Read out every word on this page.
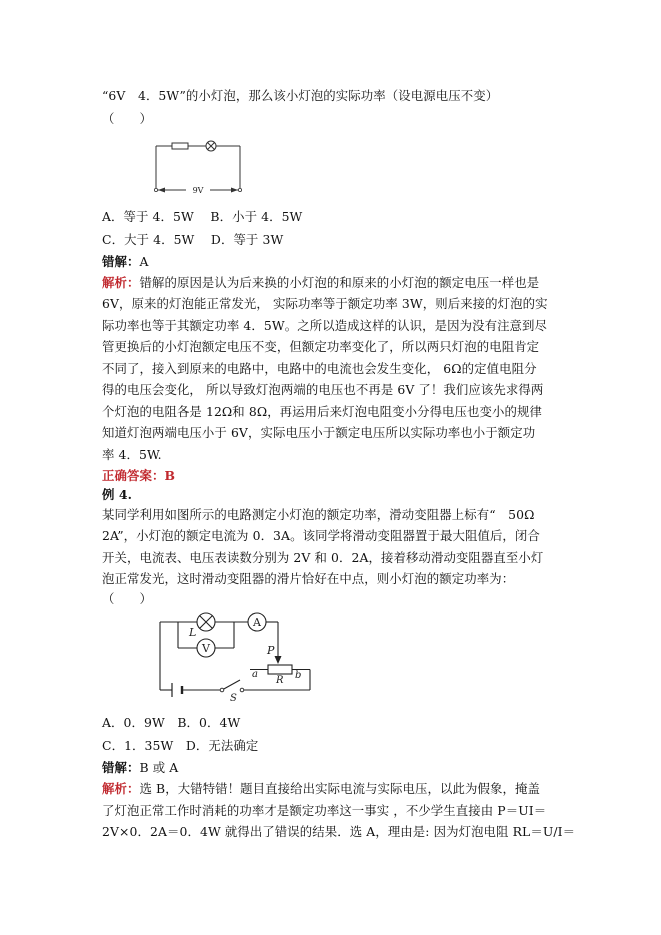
“6V　4．5W”的小灯泡，那么该小灯泡的实际功率（设电源电压不变）
（　　）
9V
A．等于 4．5W　 B．小于 4．5W
C．大于 4．5W　 D．等于 3W
错解：A
解析：错解的原因是认为后来换的小灯泡的和原来的小灯泡的额定电压一样也是
6V，原来的灯泡能正常发光， 实际功率等于额定功率 3W，则后来接的灯泡的实
际功率也等于其额定功率 4．5W。之所以造成这样的认识，是因为没有注意到尽
管更换后的小灯泡额定电压不变，但额定功率变化了，所以两只灯泡的电阻肯定
不同了，接入到原来的电路中，电路中的电流也会发生变化， 6Ω的定值电阻分
得的电压会变化， 所以导致灯泡两端的电压也不再是 6V 了！我们应该先求得两
个灯泡的电阻各是 12Ω和 8Ω，再运用后来灯泡电阻变小分得电压也变小的规律
知道灯泡两端电压小于 6V，实际电压小于额定电压所以实际功率也小于额定功
率 4．5W.
正确答案：B
例 4.
某同学利用如图所示的电路测定小灯泡的额定功率，滑动变阻器上标有“　50Ω
2A”，小灯泡的额定电流为 0．3A。该同学将滑动变阻器置于最大阻值后，闭合
开关，电流表、电压表读数分别为 2V 和 0．2A，接着移动滑动变阻器直至小灯
泡正常发光，这时滑动变阻器的滑片恰好在中点，则小灯泡的额定功率为：
（　　）
A
V
L
P
R
a	b
S
A．0．9W　B．0．4W
C．1．35W　D．无法确定
错解：B 或 A
解析：选 B，大错特错！题目直接给出实际电流与实际电压，以此为假象，掩盖
了灯泡正常工作时消耗的功率才是额定功率这一事实 ，不少学生直接由 P＝UI＝
2V×0．2A＝0．4W 就得出了错误的结果．选 A，理由是: 因为灯泡电阻 RL＝U/I＝
